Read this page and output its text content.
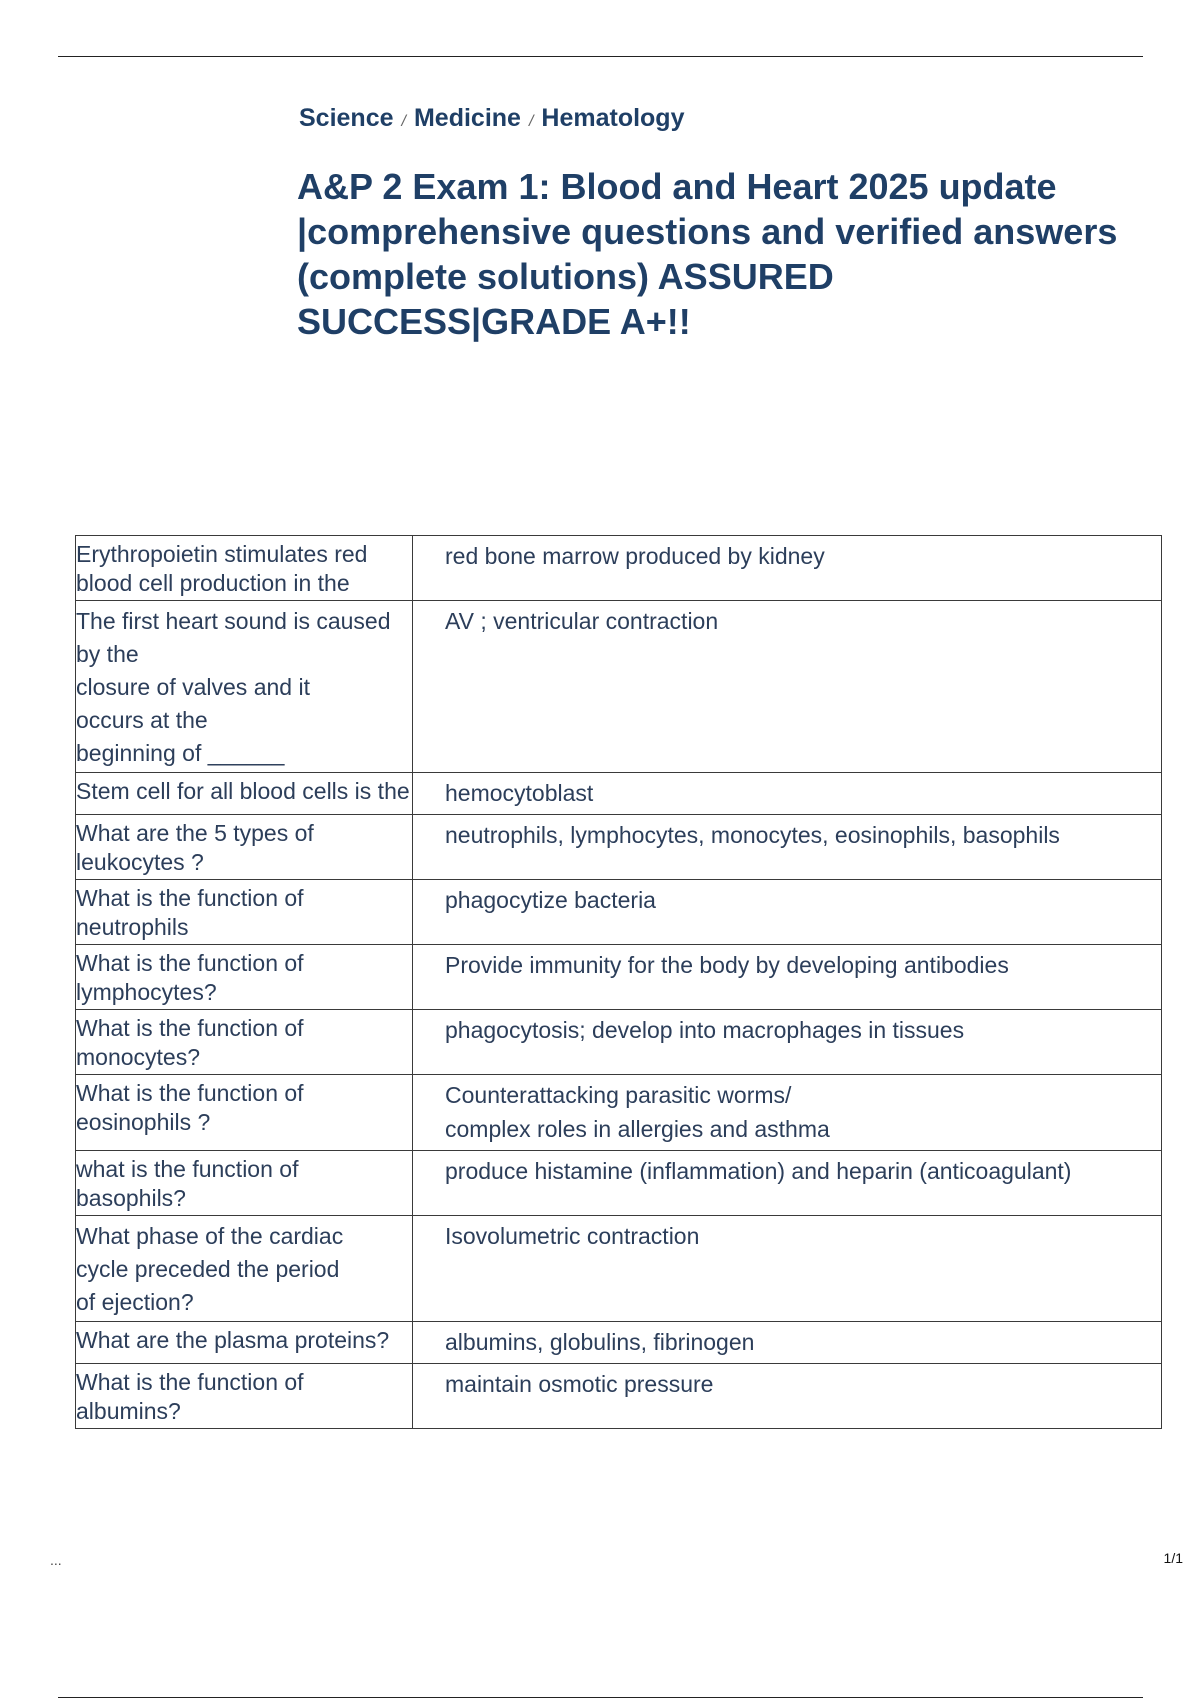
Science / Medicine / Hematology
A&P 2 Exam 1: Blood and Heart 2025 update |comprehensive questions and verified answers (complete solutions) ASSURED SUCCESS|GRADE A+!!
Erythropoietin stimulates red
blood cell production in the	red bone marrow produced by kidney

The first heart sound is caused by the
closure of valves and it
occurs at the
beginning of ______	AV ; ventricular contraction

Stem cell for all blood cells is the	hemocytoblast

What are the 5 types of leukocytes ?	neutrophils, lymphocytes, monocytes, eosinophils, basophils

What is the function of neutrophils	phagocytize bacteria

What is the function of lymphocytes?	Provide immunity for the body by developing antibodies

What is the function of monocytes?	phagocytosis; develop into macrophages in tissues

What is the function of eosinophils ?	Counterattacking parasitic worms/
complex roles in allergies and asthma

what is the function of basophils?	produce histamine (inflammation) and heparin (anticoagulant)

What phase of the cardiac
cycle preceded the period
of ejection?	Isovolumetric contraction

What are the plasma proteins?	albumins, globulins, fibrinogen

What is the function of albumins?	maintain osmotic pressure
...	1/1
